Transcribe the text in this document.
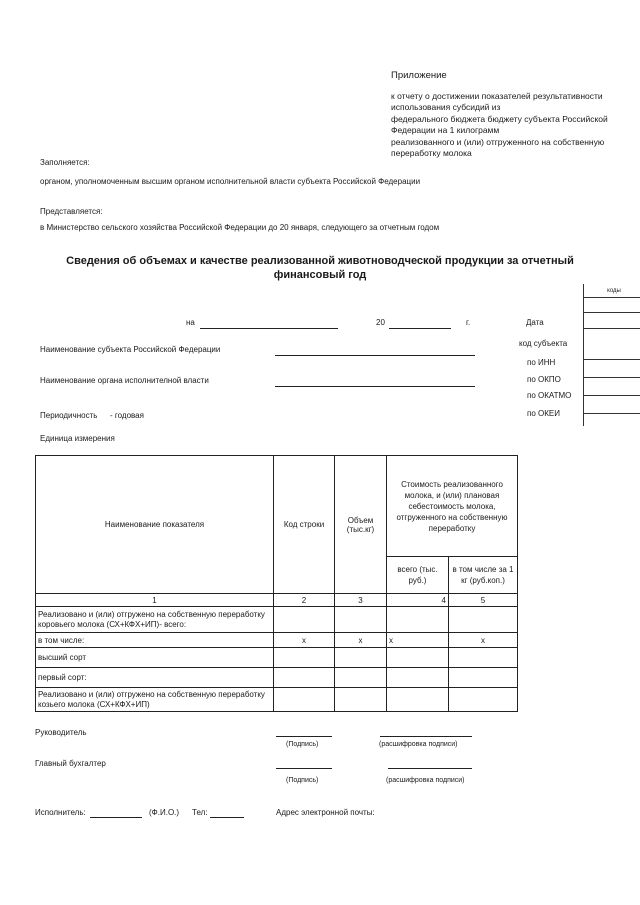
Приложение
к отчету о достижении показателей результативности
использования субсидий из
федерального бюджета бюджету субъекта Российской
Федерации на 1 килограмм
реализованного и (или) отгруженного на собственную
переработку молока
Заполняется:
органом, уполномоченным высшим органом исполнительной власти субъекта Российской Федерации
Представляется:
в Министерство сельского хозяйства Российской Федерации до 20 января, следующего за отчетным годом
Сведения об объемах и качестве реализованной животноводческой продукции за отчетный
финансовый год
на	20	г.	Дата
код субъекта
по ИНН
по ОКПО
по ОКАТМО
по ОКЕИ
коды
Наименование субъекта Российской Федерации
Наименование органа исполнителной власти
Периодичность - годовая
Единица измерения
Наименование показателя	Код строки	Объем (тыс.кг)	Стоимость реализованного молока, и (или) плановая себестоимость молока, отгруженного на собственную переработку	
			всего (тыс. руб.)	в том числе за 1 кг (руб.коп.)
1	2	3	4	5
Реализовано и (или) отгружено на собственную переработку коровьего молока (СХ+КФХ+ИП)- всего:				
в том числе:	x	x	x	x
высший сорт				
первый сорт:				
Реализовано и (или) отгружено на собственную переработку козьего молока (СХ+КФХ+ИП)				
Руководитель
(Подпись)	(расшифровка подписи)
Главный бухгалтер
(Подпись)	(расшифровка подписи)
Исполнитель:	(Ф.И.О.) Тел:	Адрес электронной почты:
